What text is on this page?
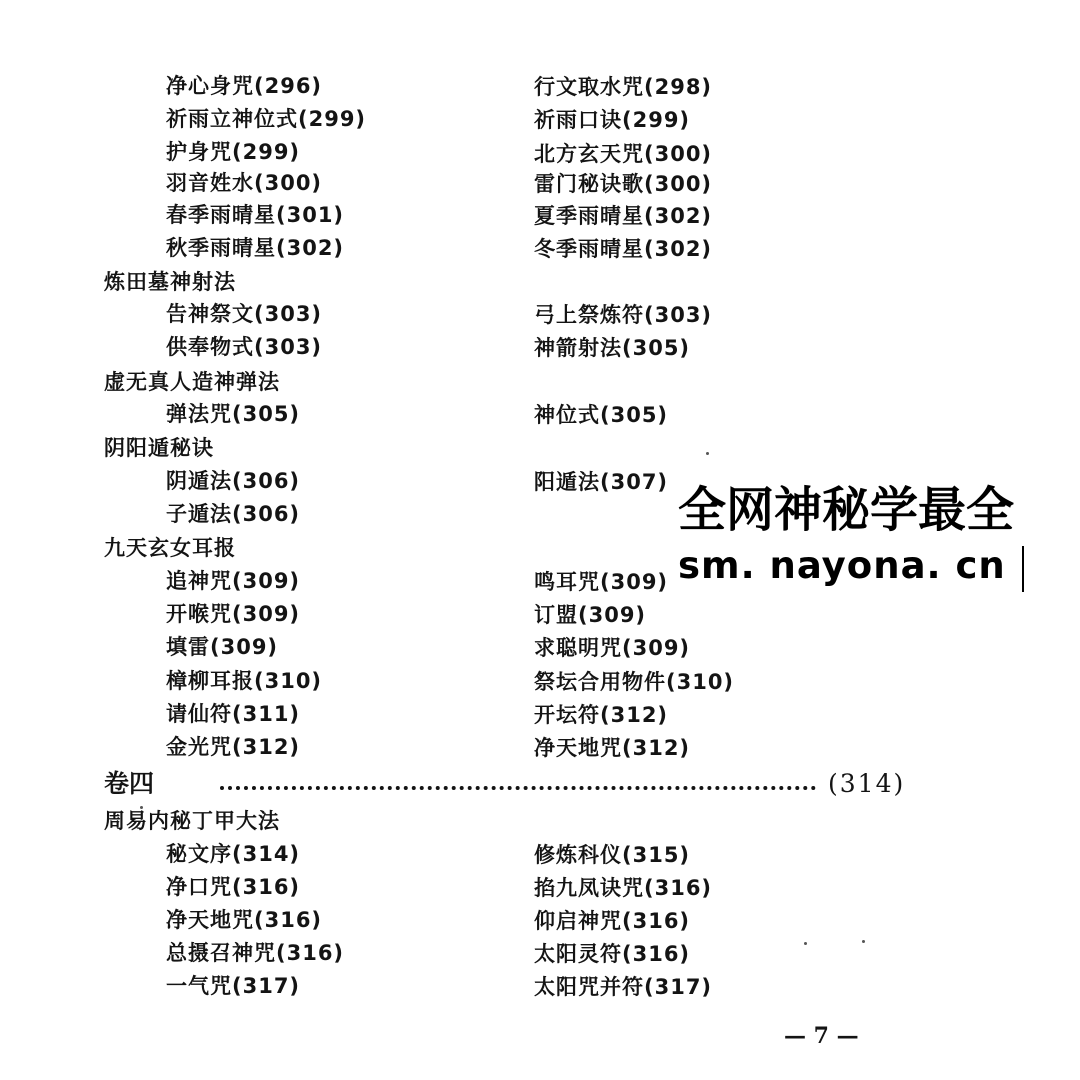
净心身咒(296)	行文取水咒(298)
祈雨立神位式(299)	祈雨口诀(299)
护身咒(299)	北方玄天咒(300)
羽音姓水(300)	雷门秘诀歌(300)
春季雨晴星(301)	夏季雨晴星(302)
秋季雨晴星(302)	冬季雨晴星(302)
炼田墓神射法
告神祭文(303)	弓上祭炼符(303)
供奉物式(303)	神箭射法(305)
虚无真人造神弹法
弹法咒(305)	神位式(305)
阴阳遁秘诀
阴遁法(306)	阳遁法(307)
子遁法(306)
九天玄女耳报
追神咒(309)	鸣耳咒(309)
开喉咒(309)	订盟(309)
填雷(309)	求聪明咒(309)
樟柳耳报(310)	祭坛合用物件(310)
请仙符(311)	开坛符(312)
金光咒(312)	净天地咒(312)
卷四	(314)
周易内秘丁甲大法
秘文序(314)	修炼科仪(315)
净口咒(316)	掐九凤诀咒(316)
净天地咒(316)	仰启神咒(316)
总摄召神咒(316)	太阳灵符(316)
一气咒(317)	太阳咒并符(317)
全网神秘学最全
sm. nayona. cn
— 7 —
